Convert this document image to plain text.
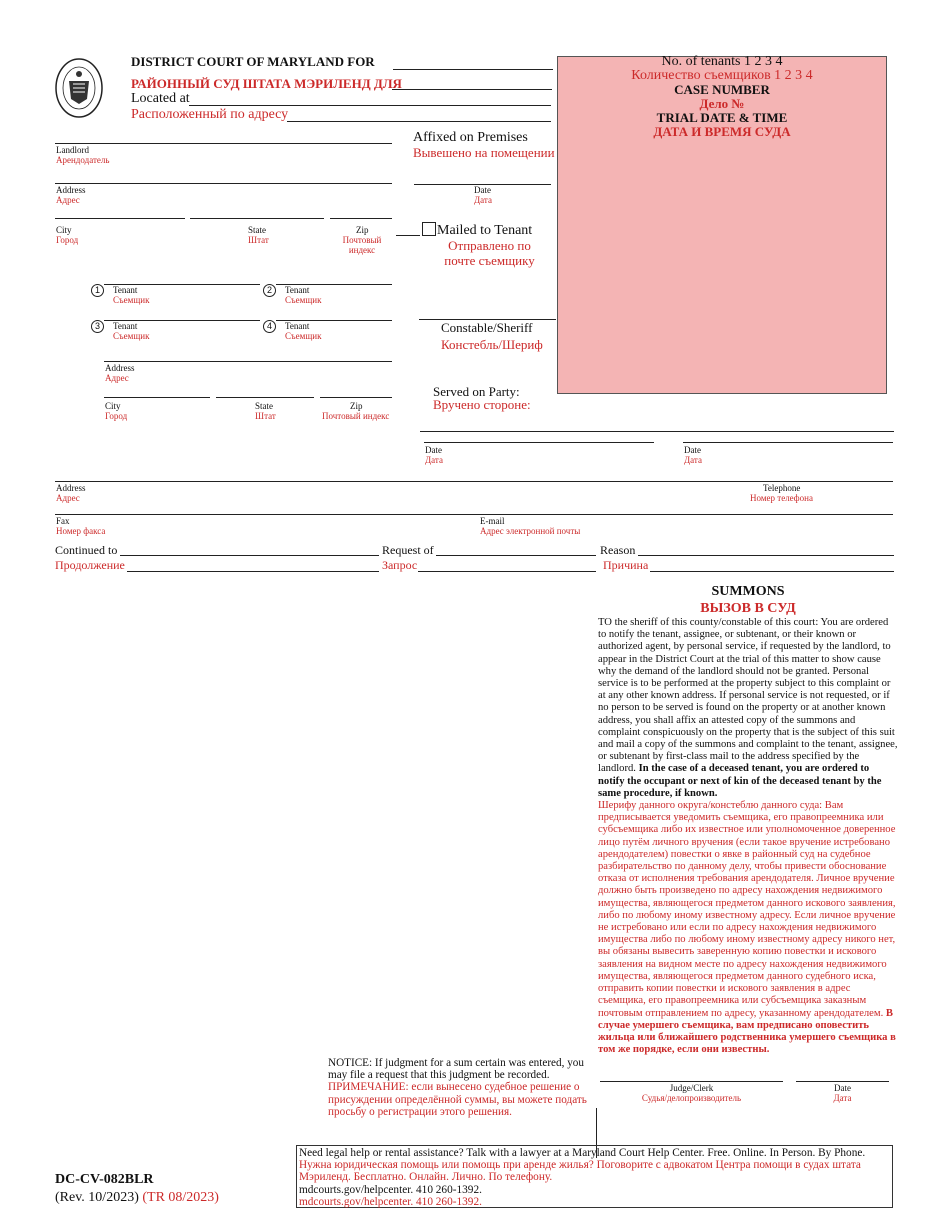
DISTRICT COURT OF MARYLAND FOR
РАЙОННЫЙ СУД ШТАТА МЭРИЛЕНД ДЛЯ
Located at
Расположенный по адресу
No. of tenants 1 2 3 4
Количество съемщиков 1 2 3 4
CASE NUMBER
Дело №
TRIAL DATE & TIME
ДАТА И ВРЕМЯ СУДА
Landlord
Арендодатель
Address
Адрес
City
Город
State
Штат
Zip
Почтовый индекс
Affixed on Premises
Вывешено на помещении
Date
Дата
Mailed to Tenant
Отправлено по почте съемщику
1	Tenant
Съемщик
2	Tenant
Съемщик
3	Tenant
Съемщик
4	Tenant
Съемщик
Address
Адрес
City
Город
State
Штат
Zip
Почтовый индекс
Constable/Sheriff
Констебль/Шериф
Served on Party:
Вручено стороне:
Date
Дата
Date
Дата
Address
Адрес
Telephone
Номер телефона
Fax
Номер факса
E-mail
Адрес электронной почты
Continued to
Продолжение
Request of
Запрос
Reason
Причина
SUMMONS
ВЫЗОВ В СУД

TO the sheriff of this county/constable of this court: You are ordered to notify the tenant, assignee, or subtenant, or their known or authorized agent, by personal service, if requested by the landlord, to appear in the District Court at the trial of this matter to show cause why the demand of the landlord should not be granted. Personal service is to be performed at the property subject to this complaint or at any other known address. If personal service is not requested, or if no person to be served is found on the property or at another known address, you shall affix an attested copy of the summons and complaint conspicuously on the property that is the subject of this suit and mail a copy of the summons and complaint to the tenant, assignee, or subtenant by first-class mail to the address specified by the landlord. In the case of a deceased tenant, you are ordered to notify the occupant or next of kin of the deceased tenant by the same procedure, if known.

Шерифу данного округа/констеблю данного суда: Вам предписывается уведомить съемщика, его правопреемника или субсъемщика либо их известное или уполномоченное доверенное лицо путём личного вручения (если такое вручение истребовано арендодателем) повестки о явке в районный суд на судебное разбирательство по данному делу, чтобы привести обоснование отказа от исполнения требования арендодателя. Личное вручение должно быть произведено по адресу нахождения недвижимого имущества, являющегося предметом данного искового заявления, либо по любому иному известному адресу. Если личное вручение не истребовано или если по адресу нахождения недвижимого имущества либо по любому иному известному адресу никого нет, вы обязаны вывесить заверенную копию повестки и искового заявления на видном месте по адресу нахождения недвижимого имущества, являющегося предметом данного судебного иска, отправить копии повестки и искового заявления в адрес съемщика, его правопреемника или субсъемщика заказным почтовым отправлением по адресу, указанному арендодателем. В случае умершего съемщика, вам предписано оповестить жильца или ближайшего родственника умершего съемщика в том же порядке, если они известны.

Judge/Clerk
Судья/делопроизводитель
Date
Дата
NOTICE: If judgment for a sum certain was entered, you may file a request that this judgment be recorded.
ПРИМЕЧАНИЕ: если вынесено судебное решение о присуждении определённой суммы, вы можете подать просьбу о регистрации этого решения.
Need legal help or rental assistance? Talk with a lawyer at a Maryland Court Help Center. Free. Online. In Person. By Phone.
Нужна юридическая помощь или помощь при аренде жилья? Поговорите с адвокатом Центра помощи в судах штата Мэриленд. Бесплатно. Онлайн. Лично. По телефону.
mdcourts.gov/helpcenter. 410 260-1392.
mdcourts.gov/helpcenter. 410 260-1392.
DC-CV-082BLR
(Rev. 10/2023) (TR 08/2023)
